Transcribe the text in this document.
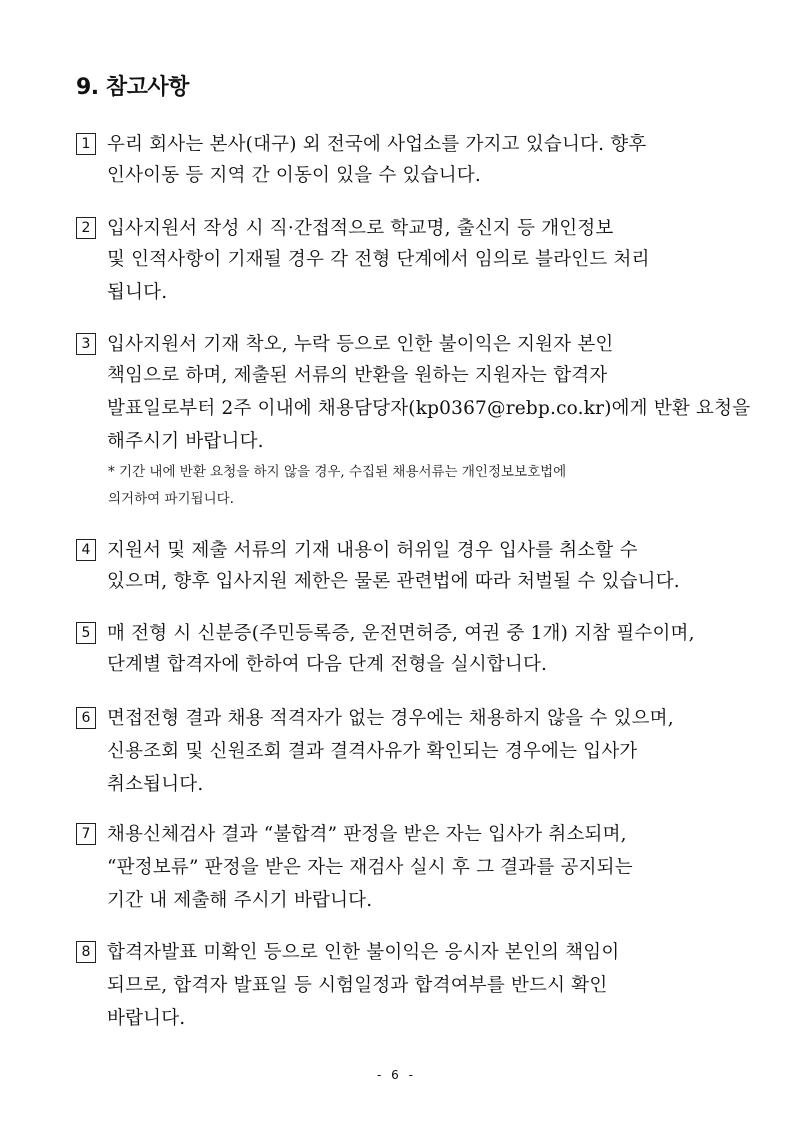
9. 참고사항
1 우리 회사는 본사(대구) 외 전국에 사업소를 가지고 있습니다. 향후
인사이동 등 지역 간 이동이 있을 수 있습니다.
2 입사지원서 작성 시 직·간접적으로 학교명, 출신지 등 개인정보
및 인적사항이 기재될 경우 각 전형 단계에서 임의로 블라인드 처리
됩니다.
3 입사지원서 기재 착오, 누락 등으로 인한 불이익은 지원자 본인
책임으로 하며, 제출된 서류의 반환을 원하는 지원자는 합격자
발표일로부터 2주 이내에 채용담당자(kp0367@rebp.co.kr)에게 반환 요청을
해주시기 바랍니다.
* 기간 내에 반환 요청을 하지 않을 경우, 수집된 채용서류는 개인정보보호법에
의거하여 파기됩니다.
4 지원서 및 제출 서류의 기재 내용이 허위일 경우 입사를 취소할 수
있으며, 향후 입사지원 제한은 물론 관련법에 따라 처벌될 수 있습니다.
5 매 전형 시 신분증(주민등록증, 운전면허증, 여권 중 1개) 지참 필수이며,
단계별 합격자에 한하여 다음 단계 전형을 실시합니다.
6 면접전형 결과 채용 적격자가 없는 경우에는 채용하지 않을 수 있으며,
신용조회 및 신원조회 결과 결격사유가 확인되는 경우에는 입사가
취소됩니다.
7 채용신체검사 결과 “불합격” 판정을 받은 자는 입사가 취소되며,
“판정보류” 판정을 받은 자는 재검사 실시 후 그 결과를 공지되는
기간 내 제출해 주시기 바랍니다.
8 합격자발표 미확인 등으로 인한 불이익은 응시자 본인의 책임이
되므로, 합격자 발표일 등 시험일정과 합격여부를 반드시 확인
바랍니다.
- 6 -
